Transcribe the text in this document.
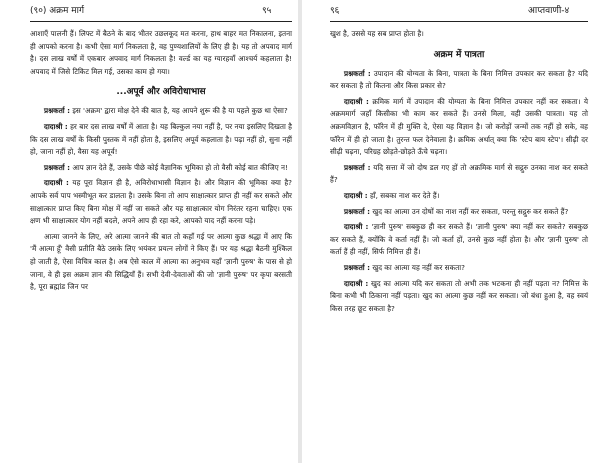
(९०) अक्रम मार्ग	९५

आशाएँ पालनी हैं। लिफ्ट में बैठने के बाद भीतर उछलकूद मत करना, हाथ बाहर मत निकालना, इतना ही आपको करना है। कभी ऐसा मार्ग निकलता है, वह पुण्यशालियों के लिए ही है। यह तो अपवाद मार्ग है। दस लाख वर्षों में एकबार अपवाद मार्ग निकलता है! वर्ल्ड का यह ग्यारहवाँ आश्चर्य कहलाता है! अपवाद में जिसे टिकिट मिल गई, उसका काम हो गया।

...अपूर्व और अविरोधाभास

प्रश्नकर्ता : इस 'अक्रम' द्वारा मोक्ष देने की बात है, यह आपने शुरू की है या पहले कुछ था ऐसा?

दादाश्री : हर बार दस लाख वर्षों में आता है। यह बिल्कुल नया नहीं है, पर नया इसलिए दिखता है कि दस लाख वर्षों के किसी पुस्तक में नहीं होता है, इसलिए अपूर्व कहलाता है। पढ़ा नहीं हो, सुना नहीं हो, जाना नहीं हो, वैसा यह अपूर्व!

प्रश्नकर्ता : आप ज्ञान देते हैं, उसके पीछे कोई वैज्ञानिक भूमिका हो तो वैसी कोई बात कीजिए न!

दादाश्री : यह पूरा विज्ञान ही है, अविरोधाभासी विज्ञान है। और विज्ञान की भूमिका क्या है? आपके सर्व पाप भस्मीभूत कर डालता है। उसके बिना तो आप साक्षात्कार प्राप्त ही नहीं कर सकते और साक्षात्कार प्राप्त किए बिना मोक्ष में नहीं जा सकते और यह साक्षात्कार योग निरंतर रहना चाहिए। एक क्षण भी साक्षात्कार योग नहीं बदले, अपने आप ही रहा करे, आपको याद नहीं करना पड़े।

आत्मा जानने के लिए, अरे आत्मा जानने की बात तो कहाँ गई पर आत्मा कुछ श्रद्धा में आए कि 'मैं आत्मा हूँ' वैसी प्रतीति बैठे उसके लिए भयंकर प्रयत्न लोगों ने किए हैं। पर यह श्रद्धा बैठनी मुश्किल हो जाती है, ऐसा विचित्र काल है। अब ऐसे काल में आत्मा का अनुभव यहाँ 'ज्ञानी पुरुष' के पास से हो जाना, वे ही इस अक्रम ज्ञान की सिद्धियाँ हैं। सभी देवी-देवताओं की जो 'ज्ञानी पुरुष' पर कृपा बरसती है, पूरा ब्रह्मांड जिन पर

९६	आप्तवाणी-४

खुश है, उससे यह सब प्राप्त होता है।

अक्रम में पात्रता

प्रश्नकर्ता : उपादान की योग्यता के बिना, पात्रता के बिना निमित्त उपकार कर सकता है? यदि कर सकता है तो कितना और किस प्रकार से?

दादाश्री : क्रमिक मार्ग में उपादान की योग्यता के बिना निमित्त उपकार नहीं कर सकता। ये अक्रममार्ग जहाँ किसीका भी काम कर सकते हैं। उनसे मिला, वही उसकी पात्रता। यह तो अक्रमविज्ञान है, फॉरेन में ही मुक्ति दे, ऐसा यह विज्ञान है। जो करोड़ों जन्मों तक नहीं हो सके, वह फॉरेन में ही हो जाता है। तुरन्त फल देनेवाला है। क्रमिक अर्थात् क्या कि 'स्टेप बाय स्टेप'। सीढ़ी दर सीढ़ी चढ़ना, परिग्रह छोड़ते-छोड़ते ऊँचे चढ़ना।

प्रश्नकर्ता : यदि सत्ता में जो दोष डल गए हों तो अक्रमिक मार्ग से सद्गुरु उनका नाश कर सकते हैं?

दादाश्री : हाँ, सबका नाश कर देते हैं।

प्रश्नकर्ता : खुद का आत्मा उन दोषों का नाश नहीं कर सकता, परन्तु सद्गुरु कर सकते हैं?

दादाश्री : 'ज्ञानी पुरुष' सबकुछ ही कर सकते हैं। 'ज्ञानी पुरुष' क्या नहीं कर सकते? सबकुछ कर सकते हैं, क्योंकि वे कर्ता नहीं हैं। जो कर्ता हों, उनसे कुछ नहीं होता है। और 'ज्ञानी पुरुष' तो कर्ता हैं ही नहीं, सिर्फ निमित्त ही हैं।

प्रश्नकर्ता : खुद का आत्मा यह नहीं कर सकता?

दादाश्री : खुद का आत्मा यदि कर सकता तो अभी तक भटकना ही नहीं पड़ता न? निमित्त के बिना कभी भी ठिकाना नहीं पड़ता। खुद का आत्मा कुछ नहीं कर सकता। जो बंधा हुआ है, वह स्वयं किस तरह छूट सकता है?
